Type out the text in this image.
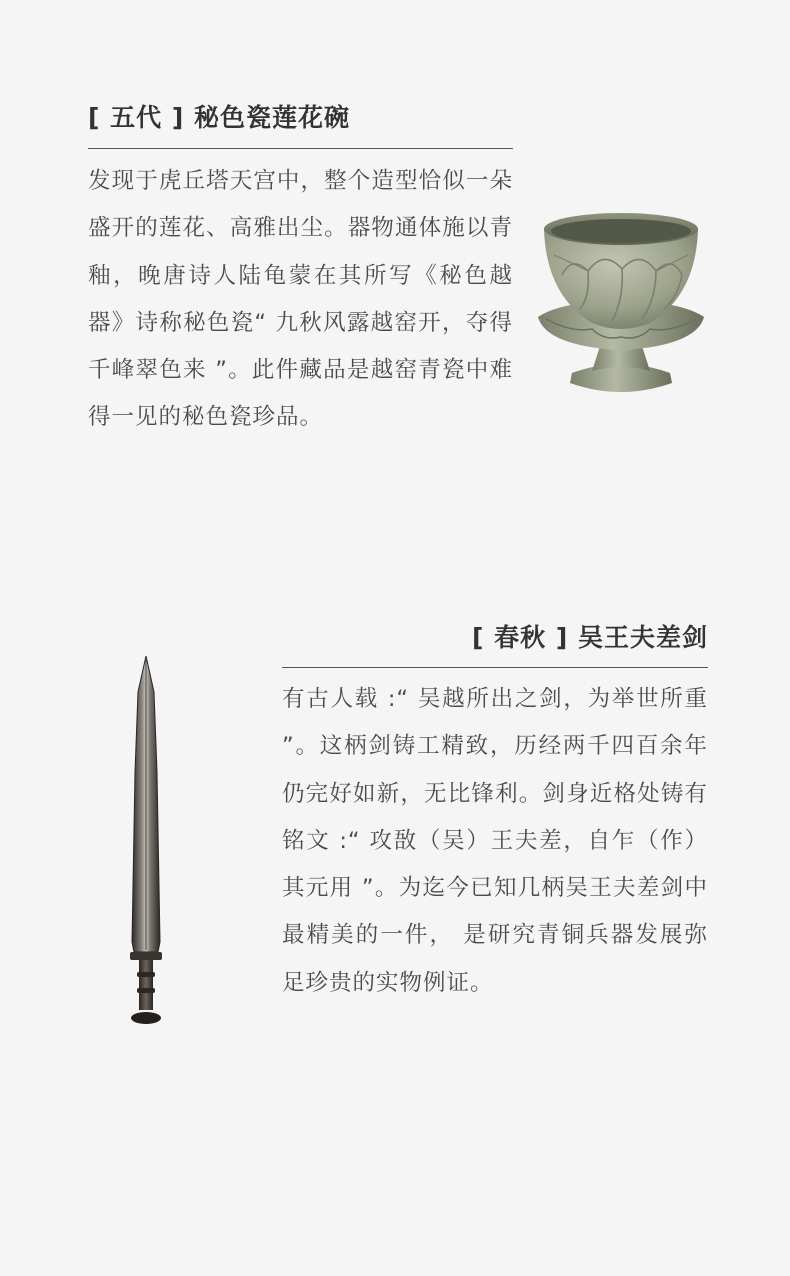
[ 五代 ] 秘色瓷莲花碗
发现于虎丘塔天宫中，整个造型恰似一朵盛开的莲花、高雅出尘。器物通体施以青釉，晚唐诗人陆龟蒙在其所写《秘色越器》诗称秘色瓷“ 九秋风露越窑开，夺得千峰翠色来 ”。此件藏品是越窑青瓷中难得一见的秘色瓷珍品。
[ 春秋 ] 吴王夫差剑
有古人载 :“ 吴越所出之剑，为举世所重 ”。这柄剑铸工精致，历经两千四百余年仍完好如新，无比锋利。剑身近格处铸有铭文 :“ 攻敔（吴）王夫差，自乍（作）其元用 ”。为迄今已知几柄吴王夫差剑中最精美的一件， 是研究青铜兵器发展弥足珍贵的实物例证。
